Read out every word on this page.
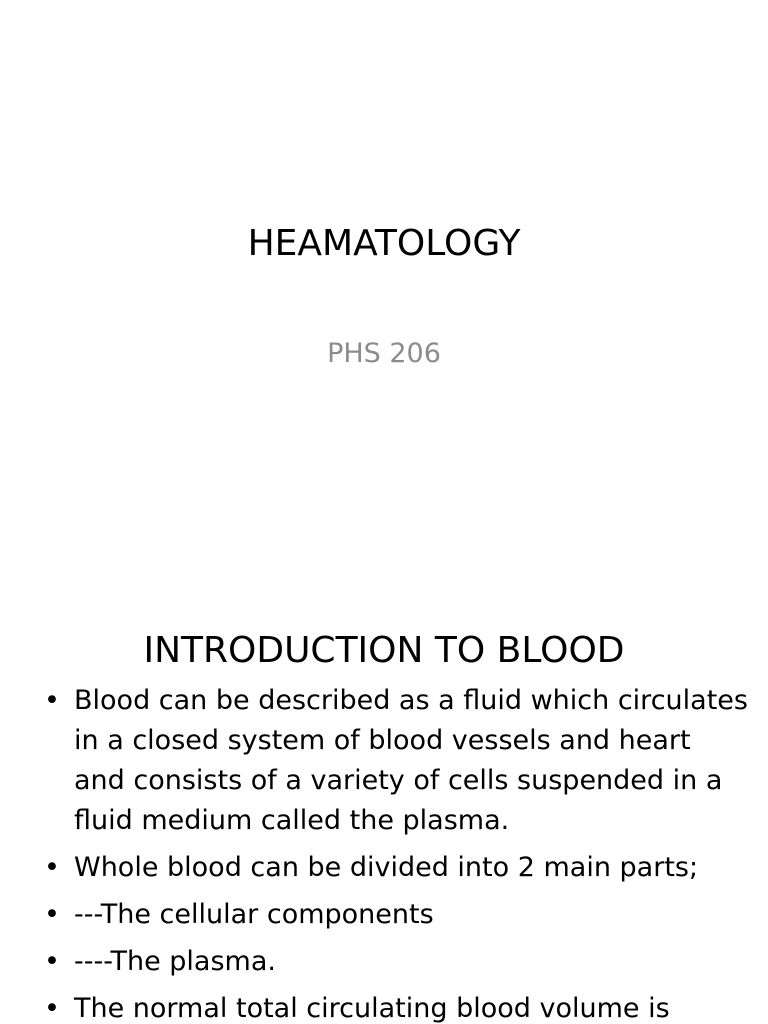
HEAMATOLOGY
PHS 206
INTRODUCTION TO BLOOD
• Blood can be described as a fluid which circulates in a closed system of blood vessels and heart and consists of a variety of cells suspended in a fluid medium called the plasma.
• Whole blood can be divided into 2 main parts;
• ---The cellular components
• ----The plasma.
• The normal total circulating blood volume is
